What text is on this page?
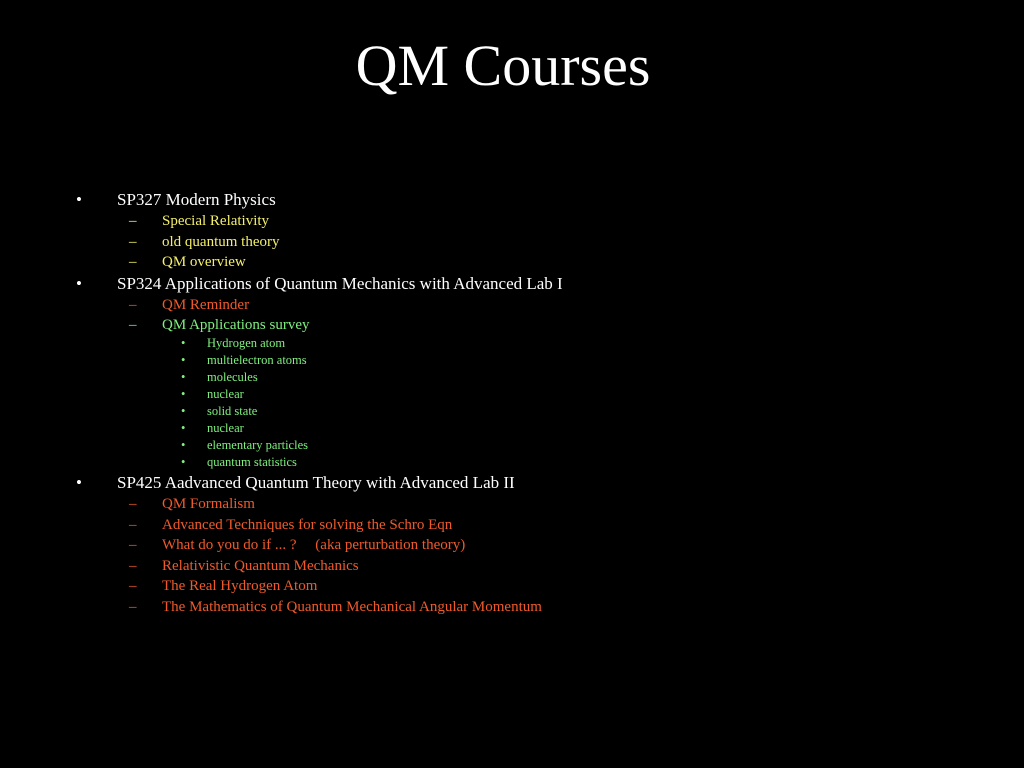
QM Courses
• SP327 Modern Physics
– Special Relativity
– old quantum theory
– QM overview
• SP324 Applications of Quantum Mechanics with Advanced Lab I
– QM Reminder
– QM Applications survey
• Hydrogen atom
• multielectron atoms
• molecules
• nuclear
• solid state
• nuclear
• elementary particles
• quantum statistics
• SP425 Aadvanced Quantum Theory with Advanced Lab II
– QM Formalism
– Advanced Techniques for solving the Schro Eqn
– What do you do if ... ?     (aka perturbation theory)
– Relativistic Quantum Mechanics
– The Real Hydrogen Atom
– The Mathematics of Quantum Mechanical Angular Momentum
